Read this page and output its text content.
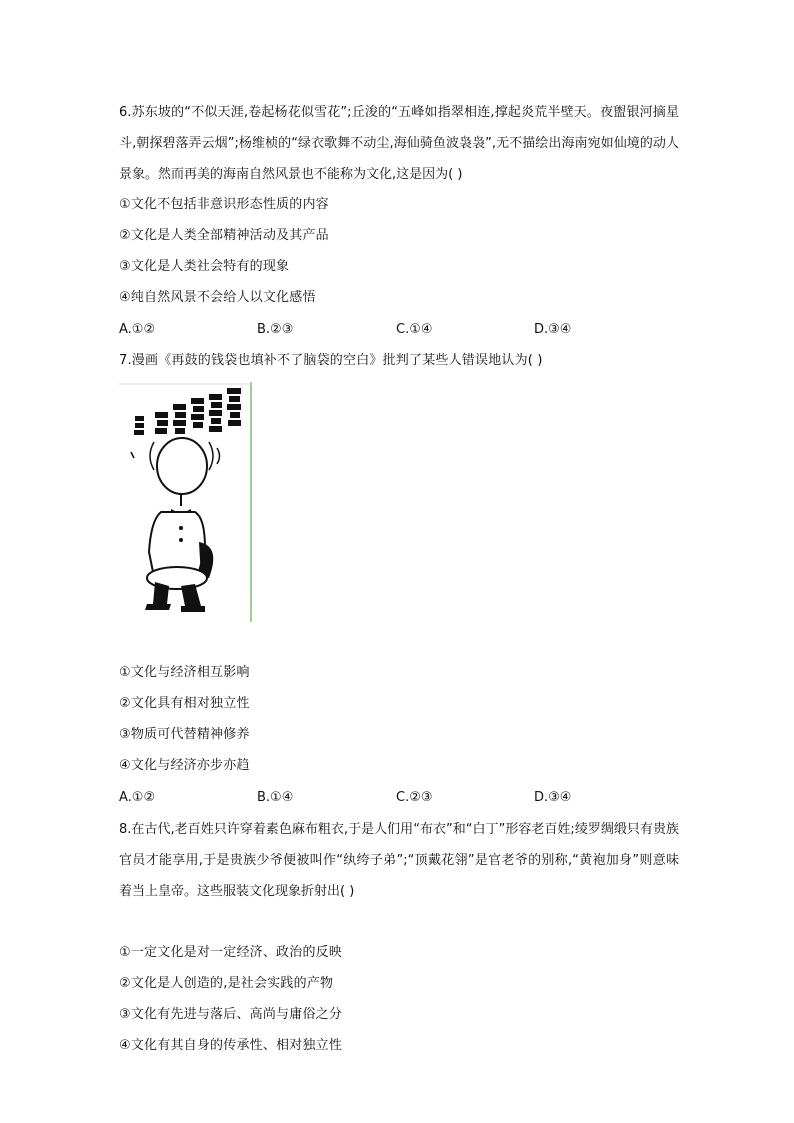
6.苏东坡的“不似天涯,卷起杨花似雪花”;丘浚的“五峰如指翠相连,撑起炎荒半壁天。夜盥银河摘星斗,朝探碧落弄云烟”;杨维桢的“绿衣歌舞不动尘,海仙骑鱼波袅袅”,无不描绘出海南宛如仙境的动人景象。然而再美的海南自然风景也不能称为文化,这是因为( )
①文化不包括非意识形态性质的内容
②文化是人类全部精神活动及其产品
③文化是人类社会特有的现象
④纯自然风景不会给人以文化感悟
A.①②	B.②③	C.①④	D.③④
7.漫画《再鼓的钱袋也填补不了脑袋的空白》批判了某些人错误地认为( )
①文化与经济相互影响
②文化具有相对独立性
③物质可代替精神修养
④文化与经济亦步亦趋
A.①②	B.①④	C.②③	D.③④
8.在古代,老百姓只许穿着素色麻布粗衣,于是人们用“布衣”和“白丁”形容老百姓;绫罗绸缎只有贵族官员才能享用,于是贵族少爷便被叫作“纨绔子弟”;“顶戴花翎”是官老爷的别称,“黄袍加身”则意味着当上皇帝。这些服装文化现象折射出( )
①一定文化是对一定经济、政治的反映
②文化是人创造的,是社会实践的产物
③文化有先进与落后、高尚与庸俗之分
④文化有其自身的传承性、相对独立性
